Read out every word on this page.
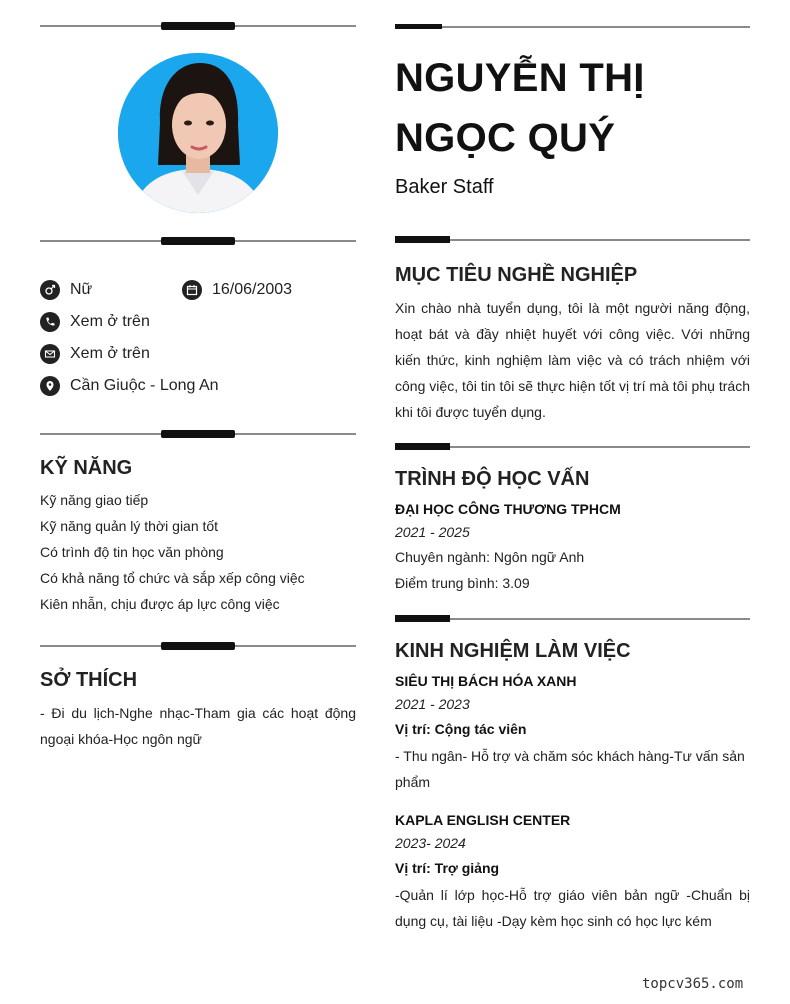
Nữ	16/06/2003
Xem ở trên
Xem ở trên
Cần Giuộc - Long An
KỸ NĂNG
Kỹ năng giao tiếp
Kỹ năng quản lý thời gian tốt
Có trình độ tin học văn phòng
Có khả năng tổ chức và sắp xếp công việc
Kiên nhẫn, chịu được áp lực công việc
SỞ THÍCH
- Đi du lịch-Nghe nhạc-Tham gia các hoạt động ngoại khóa-Học ngôn ngữ
NGUYỄN THỊ NGỌC QUÝ
Baker Staff
MỤC TIÊU NGHỀ NGHIỆP
Xin chào nhà tuyển dụng, tôi là một người năng động, hoạt bát và đầy nhiệt huyết với công việc. Với những kiến thức, kinh nghiệm làm việc và có trách nhiệm với công việc, tôi tin tôi sẽ thực hiện tốt vị trí mà tôi phụ trách khi tôi được tuyển dụng.
TRÌNH ĐỘ HỌC VẤN
ĐẠI HỌC CÔNG THƯƠNG TPHCM
2021 - 2025
Chuyên ngành: Ngôn ngữ Anh
Điểm trung bình: 3.09
KINH NGHIỆM LÀM VIỆC
SIÊU THỊ BÁCH HÓA XANH
2021 - 2023
Vị trí: Cộng tác viên
- Thu ngân- Hỗ trợ và chăm sóc khách hàng-Tư vấn sản phẩm
KAPLA ENGLISH CENTER
2023- 2024
Vị trí: Trợ giảng
-Quản lí lớp học-Hỗ trợ giáo viên bản ngữ -Chuẩn bị dụng cụ, tài liệu -Dạy kèm học sinh có học lực kém
topcv365.com
